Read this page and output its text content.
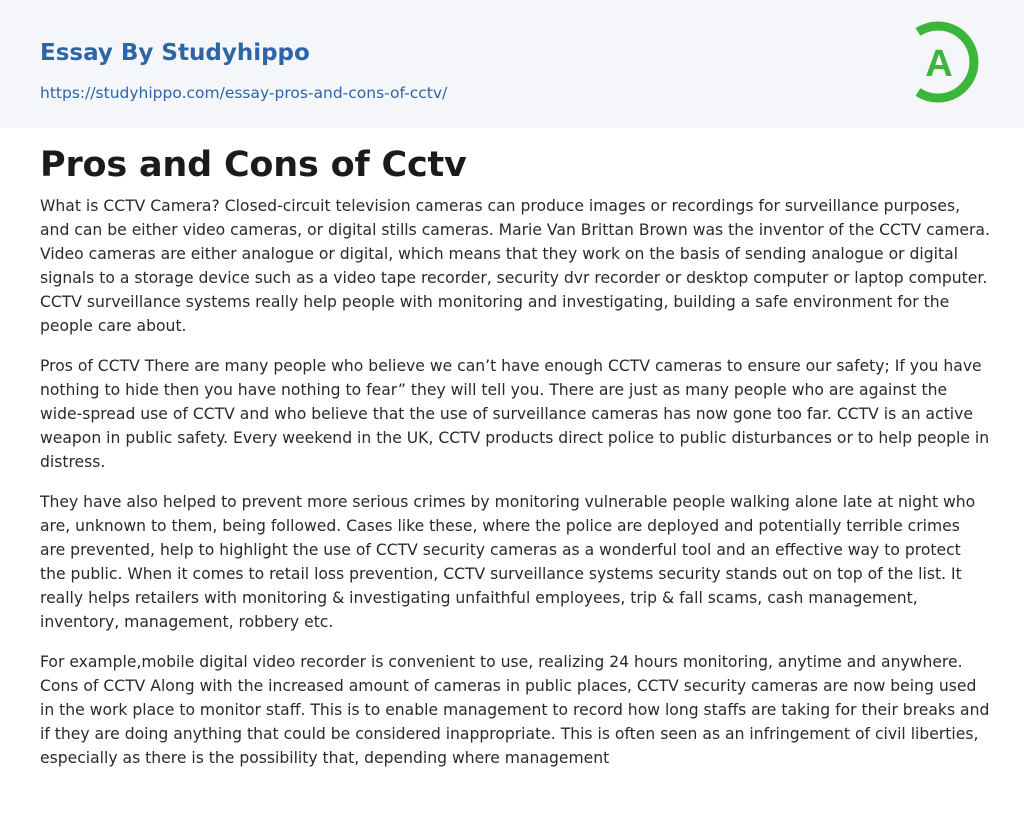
Essay By Studyhippo
https://studyhippo.com/essay-pros-and-cons-of-cctv/
A
Pros and Cons of Cctv

What is CCTV Camera? Closed-circuit television cameras can produce images or recordings for surveillance purposes, and can be either video cameras, or digital stills cameras. Marie Van Brittan Brown was the inventor of the CCTV camera. Video cameras are either analogue or digital, which means that they work on the basis of sending analogue or digital signals to a storage device such as a video tape recorder, security dvr recorder or desktop computer or laptop computer. CCTV surveillance systems really help people with monitoring and investigating, building a safe environment for the people care about.

Pros of CCTV There are many people who believe we can’t have enough CCTV cameras to ensure our safety; If you have nothing to hide then you have nothing to fear” they will tell you. There are just as many people who are against the wide-spread use of CCTV and who believe that the use of surveillance cameras has now gone too far. CCTV is an active weapon in public safety. Every weekend in the UK, CCTV products direct police to public disturbances or to help people in distress.

They have also helped to prevent more serious crimes by monitoring vulnerable people walking alone late at night who are, unknown to them, being followed. Cases like these, where the police are deployed and potentially terrible crimes are prevented, help to highlight the use of CCTV security cameras as a wonderful tool and an effective way to protect the public. When it comes to retail loss prevention, CCTV surveillance systems security stands out on top of the list. It really helps retailers with monitoring & investigating unfaithful employees, trip & fall scams, cash management, inventory, management, robbery etc.

For example,mobile digital video recorder is convenient to use, realizing 24 hours monitoring, anytime and anywhere. Cons of CCTV Along with the increased amount of cameras in public places, CCTV security cameras are now being used in the work place to monitor staff. This is to enable management to record how long staffs are taking for their breaks and if they are doing anything that could be considered inappropriate. This is often seen as an infringement of civil liberties, especially as there is the possibility that, depending where management
